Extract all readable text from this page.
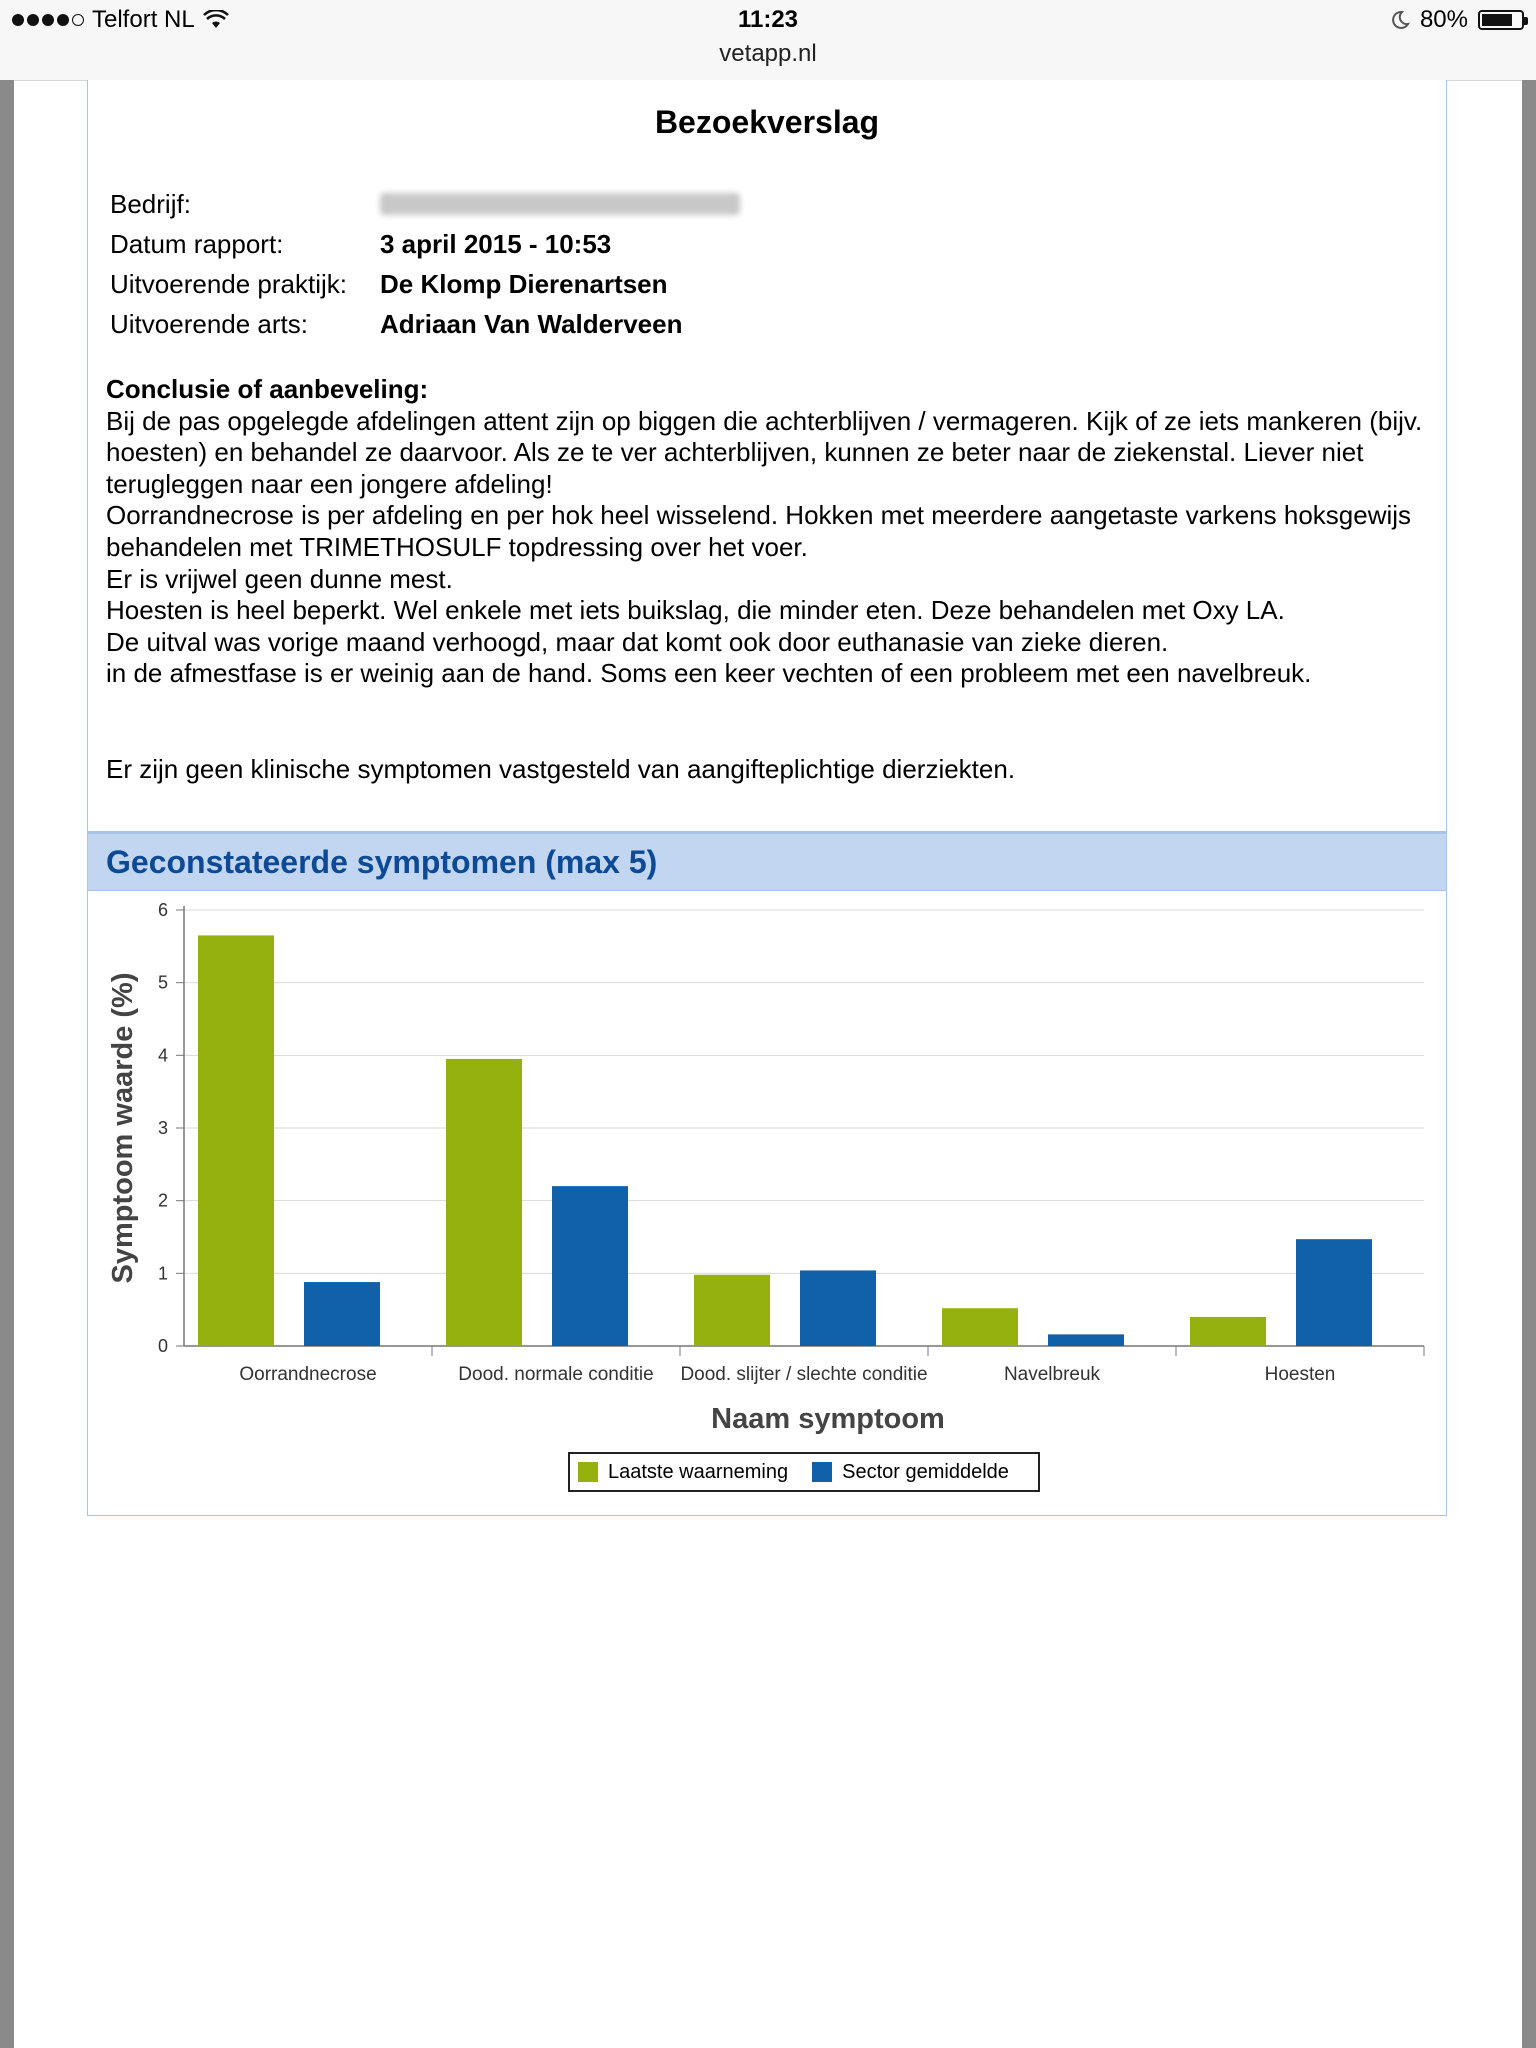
Telfort NL	11:23
vetapp.nl
80%
Bezoekverslag
Bedrijf:
Datum rapport:	3 april 2015 - 10:53
Uitvoerende praktijk:	De Klomp Dierenartsen
Uitvoerende arts:	Adriaan Van Walderveen

Conclusie of aanbeveling:

Bij de pas opgelegde afdelingen attent zijn op biggen die achterblijven / vermageren. Kijk of ze iets mankeren (bijv. hoesten) en behandel ze daarvoor. Als ze te ver achterblijven, kunnen ze beter naar de ziekenstal. Liever niet terugleggen naar een jongere afdeling!

Oorrandnecrose is per afdeling en per hok heel wisselend. Hokken met meerdere aangetaste varkens hoksgewijs behandelen met TRIMETHOSULF topdressing over het voer.

Er is vrijwel geen dunne mest.

Hoesten is heel beperkt. Wel enkele met iets buikslag, die minder eten. Deze behandelen met Oxy LA.

De uitval was vorige maand verhoogd, maar dat komt ook door euthanasie van zieke dieren.

in de afmestfase is er weinig aan de hand. Soms een keer vechten of een probleem met een navelbreuk.

Er zijn geen klinische symptomen vastgesteld van aangifteplichtige dierziekten.
Geconstateerde symptomen (max 5)
0
1
2
3
4
5
6
Oorrandnecrose	Dood. normale conditie Dood. slijter / slechte conditie	Navelbreuk	Hoesten
Naam symptoom
Symptoom waarde (%)
Laatste waarneming	Sector gemiddelde
